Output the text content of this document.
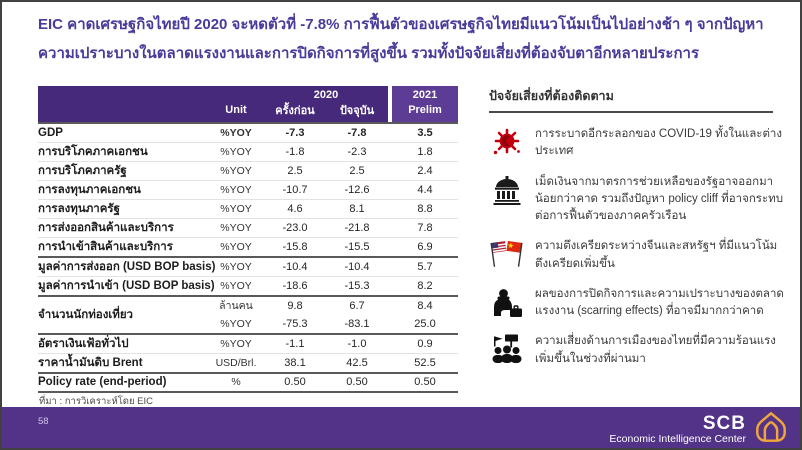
EIC คาดเศรษฐกิจไทยปี 2020 จะหดตัวที่ -7.8% การฟื้นตัวของเศรษฐกิจไทยมีแนวโน้มเป็นไปอย่างช้า ๆ จากปัญหา
ความเปราะบางในตลาดแรงงานและการปิดกิจการที่สูงขึ้น รวมทั้งปัจจัยเสี่ยงที่ต้องจับตาอีกหลายประการ
		2020			2021
	Unit	ครั้งก่อน	ปัจจุบัน		Prelim
GDP	%YOY	-7.3	-7.8		3.5
การบริโภคภาคเอกชน	%YOY	-1.8	-2.3		1.8
การบริโภคภาครัฐ	%YOY	2.5	2.5		2.4
การลงทุนภาคเอกชน	%YOY	-10.7	-12.6		4.4
การลงทุนภาครัฐ	%YOY	4.6	8.1		8.8
การส่งออกสินค้าและบริการ	%YOY	-23.0	-21.8		7.8
การนำเข้าสินค้าและบริการ	%YOY	-15.8	-15.5		6.9
มูลค่าการส่งออก (USD BOP basis)	%YOY	-10.4	-10.4		5.7
มูลค่าการนำเข้า (USD BOP basis)	%YOY	-18.6	-15.3		8.2
จำนวนนักท่องเที่ยว	ล้านคน	9.8	6.7		8.4
	%YOY	-75.3	-83.1		25.0
อัตราเงินเฟ้อทั่วไป	%YOY	-1.1	-1.0		0.9
ราคาน้ำมันดิบ Brent	USD/Brl.	38.1	42.5		52.5
Policy rate (end-period)	%	0.50	0.50		0.50
ปัจจัยเสี่ยงที่ต้องติดตาม
การระบาดอีกระลอกของ COVID-19 ทั้งในและต่างประเทศ
เม็ดเงินจากมาตรการช่วยเหลือของรัฐอาจออกมาน้อยกว่าคาด รวมถึงปัญหา policy cliff ที่อาจกระทบต่อการฟื้นตัวของภาคครัวเรือน
ความตึงเครียดระหว่างจีนและสหรัฐฯ ที่มีแนวโน้มตึงเครียดเพิ่มขึ้น
ผลของการปิดกิจการและความเปราะบางของตลาดแรงงาน (scarring effects) ที่อาจมีมากกว่าคาด
ความเสี่ยงด้านการเมืองของไทยที่มีความร้อนแรงเพิ่มขึ้นในช่วงที่ผ่านมา
ที่มา : การวิเคราะห์โดย EIC
58	SCB
Economic Intelligence Center
